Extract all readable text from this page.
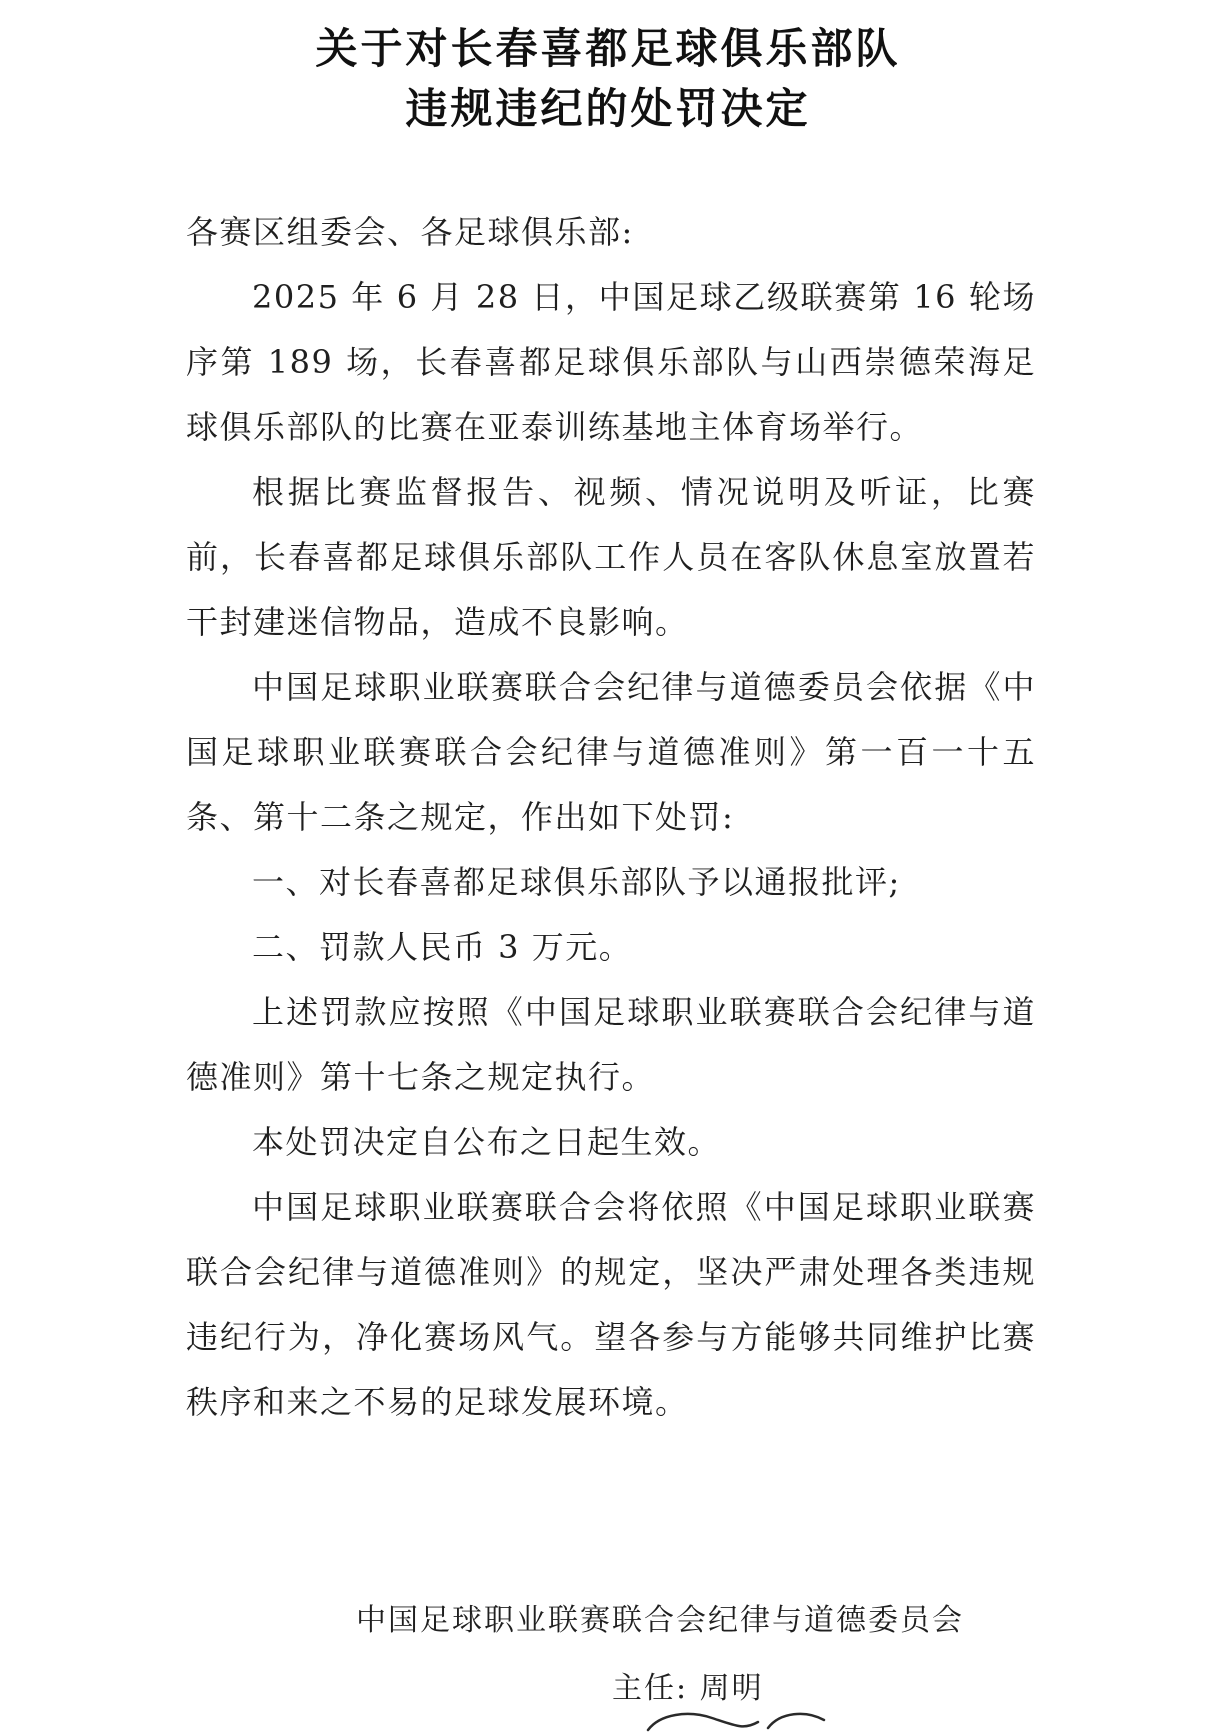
关于对长春喜都足球俱乐部队
违规违纪的处罚决定

各赛区组委会、各足球俱乐部:

2025 年 6 月 28 日，中国足球乙级联赛第 16 轮场序第 189 场，长春喜都足球俱乐部队与山西崇德荣海足球俱乐部队的比赛在亚泰训练基地主体育场举行。

根据比赛监督报告、视频、情况说明及听证，比赛前，长春喜都足球俱乐部队工作人员在客队休息室放置若干封建迷信物品，造成不良影响。

中国足球职业联赛联合会纪律与道德委员会依据《中国足球职业联赛联合会纪律与道德准则》第一百一十五条、第十二条之规定，作出如下处罚:

一、对长春喜都足球俱乐部队予以通报批评;

二、罚款人民币 3 万元。

上述罚款应按照《中国足球职业联赛联合会纪律与道德准则》第十七条之规定执行。

本处罚决定自公布之日起生效。

中国足球职业联赛联合会将依照《中国足球职业联赛联合会纪律与道德准则》的规定，坚决严肃处理各类违规违纪行为，净化赛场风气。望各参与方能够共同维护比赛秩序和来之不易的足球发展环境。

中国足球职业联赛联合会纪律与道德委员会
主任: 周明
